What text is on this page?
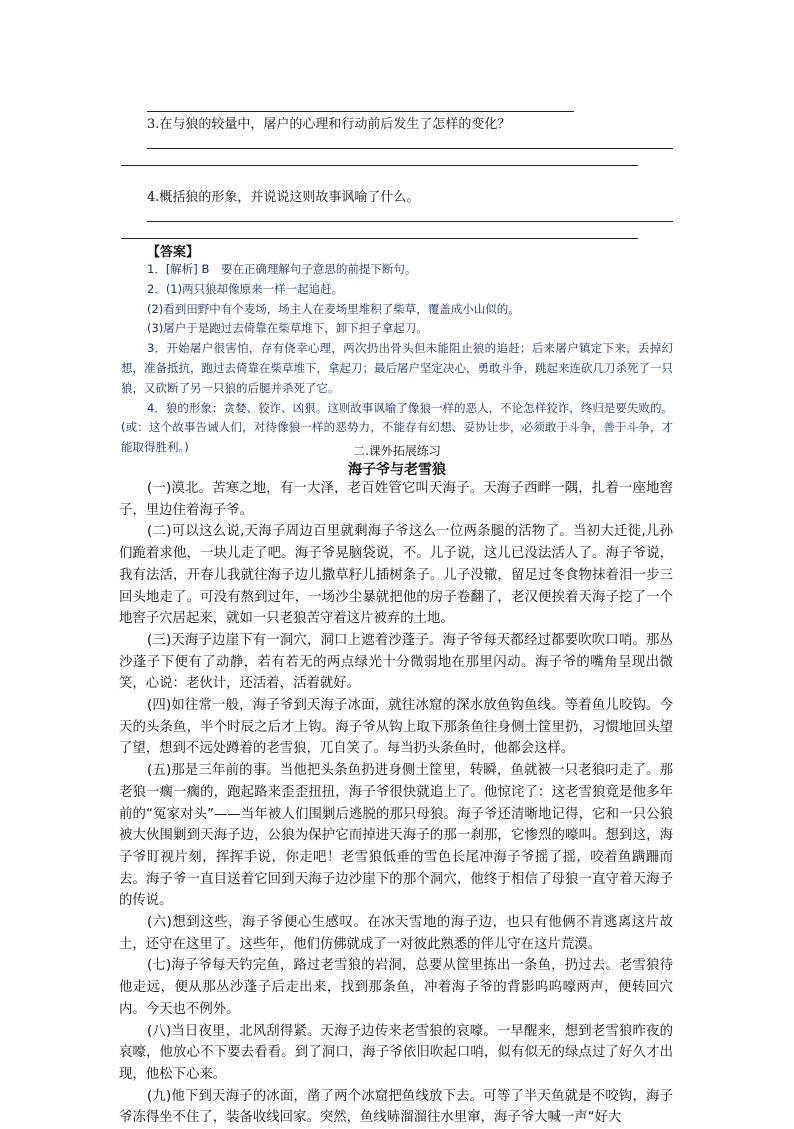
3.在与狼的较量中，屠户的心理和行动前后发生了怎样的变化？
4.概括狼的形象，并说说这则故事讽喻了什么。
【答案】

1．[解析] B　要在正确理解句子意思的前提下断句。

2．(1)两只狼却像原来一样一起追赶。

(2)看到田野中有个麦场，场主人在麦场里堆积了柴草，覆盖成小山似的。

(3)屠户于是跑过去倚靠在柴草堆下，卸下担子拿起刀。

3．开始屠户很害怕，存有侥幸心理，两次扔出骨头但未能阻止狼的追赶；后来屠户镇定下来，丢掉幻想，准备抵抗，跑过去倚靠在柴草堆下，拿起刀；最后屠户坚定决心，勇敢斗争，跳起来连砍几刀杀死了一只狼，又砍断了另一只狼的后腿并杀死了它。

4．狼的形象：贪婪、狡诈、凶狠。这则故事讽喻了像狼一样的恶人，不论怎样狡诈，终归是要失败的。(或：这个故事告诫人们，对待像狼一样的恶势力，不能存有幻想、妥协让步，必须敢于斗争，善于斗争，才能取得胜利。)	二.课外拓展练习
海子爷与老雪狼

(一)漠北。苦寒之地，有一大泽，老百姓管它叫天海子。天海子西畔一隅，扎着一座地窖子，里边住着海子爷。

(二)可以这么说,天海子周边百里就剩海子爷这么一位两条腿的活物了。当初大迁徙,儿孙们跪着求他，一块儿走了吧。海子爷晃脑袋说，不。儿子说，这儿已没法活人了。海子爷说，我有法活，开春儿我就往海子边儿撒草籽儿插树条子。儿子没辙，留足过冬食物抹着泪一步三回头地走了。可没有熬到过年，一场沙尘暴就把他的房子卷翻了，老汉便挨着天海子挖了一个地窖子穴居起来，就如一只老狼苦守着这片被弃的土地。

(三)天海子边崖下有一洞穴，洞口上遮着沙蓬子。海子爷每天都经过都要吹吹口哨。那丛沙蓬子下便有了动静，若有若无的两点绿光十分微弱地在那里闪动。海子爷的嘴角呈现出微笑，心说：老伙计，还活着，活着就好。

(四)如往常一般，海子爷到天海子冰面，就往冰窟的深水放鱼钩鱼线。等着鱼儿咬钩。今天的头条鱼，半个时辰之后才上钩。海子爷从钩上取下那条鱼往身侧土筐里扔，习惯地回头望了望，想到不远处蹲着的老雪狼，兀自笑了。每当扔头条鱼时，他都会这样。

(五)那是三年前的事。当他把头条鱼扔进身侧土筐里，转瞬，鱼就被一只老狼叼走了。那老狼一瘸一瘸的，跑起路来歪歪扭扭，海子爷很快就追上了。他惊诧了：这老雪狼竟是他多年前的“冤家对头”——当年被人们围剿后逃脱的那只母狼。海子爷还清晰地记得，它和一只公狼被大伙围剿到天海子边，公狼为保护它而掉进天海子的那一刹那，它惨烈的嚎叫。想到这，海子爷盯视片刻，挥挥手说，你走吧！老雪狼低垂的雪色长尾冲海子爷摇了摇，咬着鱼蹒跚而去。海子爷一直目送着它回到天海子边沙崖下的那个洞穴，他终于相信了母狼一直守着天海子的传说。

(六)想到这些，海子爷便心生感叹。在冰天雪地的海子边，也只有他俩不肯逃离这片故土，还守在这里了。这些年，他们仿佛就成了一对彼此熟悉的伴儿守在这片荒漠。

(七)海子爷每天钓完鱼，路过老雪狼的岩洞，总要从筐里拣出一条鱼，扔过去。老雪狼待他走远，便从那丛沙蓬子后走出来，找到那条鱼，冲着海子爷的背影呜呜嚎两声，便转回穴内。今天也不例外。

(八)当日夜里，北风刮得紧。天海子边传来老雪狼的哀嚎。一早醒来，想到老雪狼昨夜的哀嚎，他放心不下要去看看。到了洞口，海子爷依旧吹起口哨，似有似无的绿点过了好久才出现，他松下心来。

(九)他下到天海子的冰面，凿了两个冰窟把鱼线放下去。可等了半天鱼就是不咬钩，海子爷冻得坐不住了，装备收线回家。突然，鱼线哧溜溜往水里窜，海子爷大喊一声“好大
